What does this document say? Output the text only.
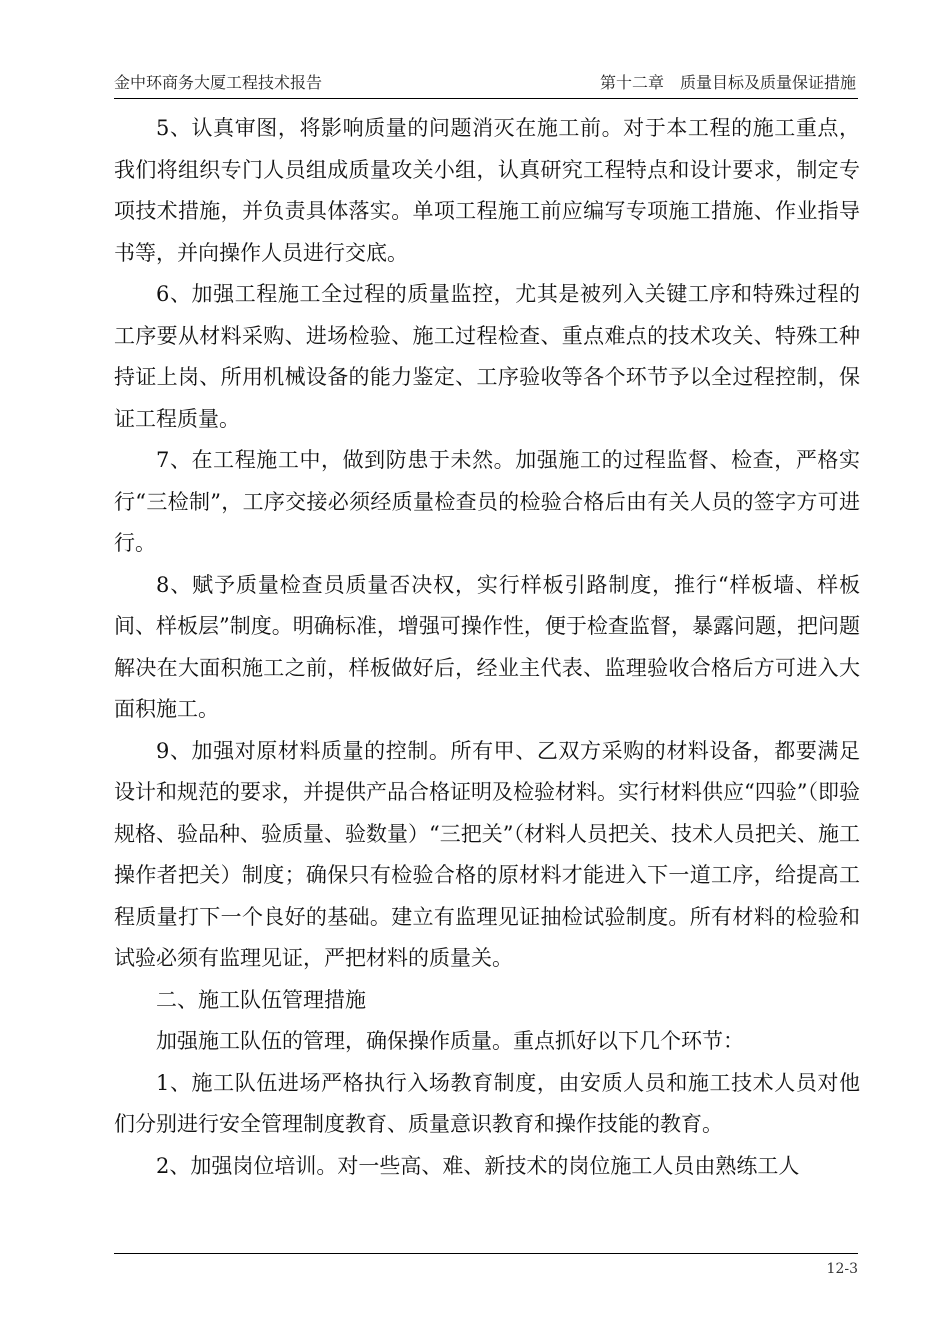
金中环商务大厦工程技术报告	第十二章　质量目标及质量保证措施

5、认真审图，将影响质量的问题消灭在施工前。对于本工程的施工重点，我们将组织专门人员组成质量攻关小组，认真研究工程特点和设计要求，制定专项技术措施，并负责具体落实。单项工程施工前应编写专项施工措施、作业指导书等，并向操作人员进行交底。

6、加强工程施工全过程的质量监控，尤其是被列入关键工序和特殊过程的工序要从材料采购、进场检验、施工过程检查、重点难点的技术攻关、特殊工种持证上岗、所用机械设备的能力鉴定、工序验收等各个环节予以全过程控制，保证工程质量。

7、在工程施工中，做到防患于未然。加强施工的过程监督、检查，严格实行“三检制”，工序交接必须经质量检查员的检验合格后由有关人员的签字方可进行。

8、赋予质量检查员质量否决权，实行样板引路制度，推行“样板墙、样板间、样板层”制度。明确标准，增强可操作性，便于检查监督，暴露问题，把问题解决在大面积施工之前，样板做好后，经业主代表、监理验收合格后方可进入大面积施工。

9、加强对原材料质量的控制。所有甲、乙双方采购的材料设备，都要满足设计和规范的要求，并提供产品合格证明及检验材料。实行材料供应“四验”（即验规格、验品种、验质量、验数量）“三把关”（材料人员把关、技术人员把关、施工操作者把关）制度；确保只有检验合格的原材料才能进入下一道工序，给提高工程质量打下一个良好的基础。建立有监理见证抽检试验制度。所有材料的检验和试验必须有监理见证，严把材料的质量关。

二、施工队伍管理措施

加强施工队伍的管理，确保操作质量。重点抓好以下几个环节：

1、施工队伍进场严格执行入场教育制度，由安质人员和施工技术人员对他们分别进行安全管理制度教育、质量意识教育和操作技能的教育。

2、加强岗位培训。对一些高、难、新技术的岗位施工人员由熟练工人

12-3
